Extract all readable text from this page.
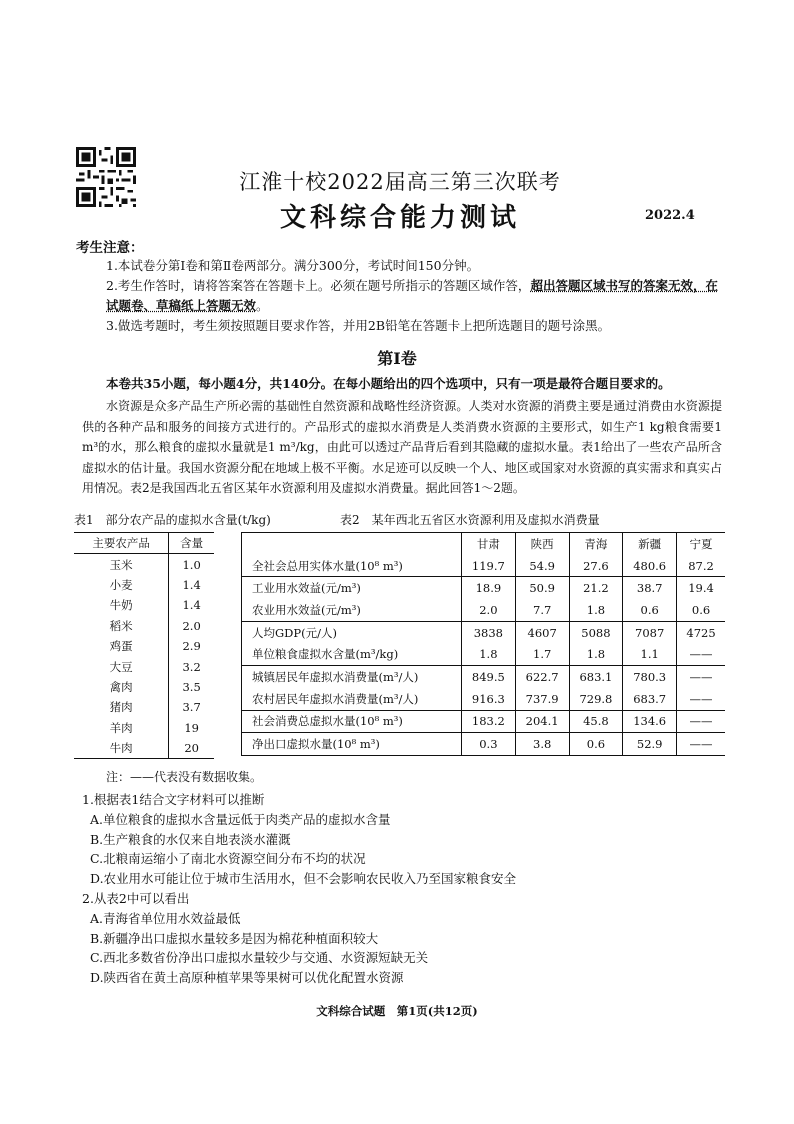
江淮十校2022届高三第三次联考
文科综合能力测试	2022.4
考生注意：
1.本试卷分第Ⅰ卷和第Ⅱ卷两部分。满分300分，考试时间150分钟。
2.考生作答时，请将答案答在答题卡上。必须在题号所指示的答题区域作答，超出答题区域书写的答案无效，在试题卷、草稿纸上答题无效。
3.做选考题时，考生须按照题目要求作答，并用2B铅笔在答题卡上把所选题目的题号涂黑。
第Ⅰ卷
本卷共35小题，每小题4分，共140分。在每小题给出的四个选项中，只有一项是最符合题目要求的。
水资源是众多产品生产所必需的基础性自然资源和战略性经济资源。人类对水资源的消费主要是通过消费由水资源提供的各种产品和服务的间接方式进行的。产品形式的虚拟水消费是人类消费水资源的主要形式，如生产1 kg粮食需要1 m³的水，那么粮食的虚拟水量就是1 m³/kg，由此可以透过产品背后看到其隐藏的虚拟水量。表1给出了一些农产品所含虚拟水的估计量。我国水资源分配在地域上极不平衡。水足迹可以反映一个人、地区或国家对水资源的真实需求和真实占用情况。表2是我国西北五省区某年水资源利用及虚拟水消费量。据此回答1～2题。
表1　部分农产品的虚拟水含量(t/kg)	表2　某年西北五省区水资源利用及虚拟水消费量
主要农产品	含量
玉米	1.0
小麦	1.4
牛奶	1.4
稻米	2.0
鸡蛋	2.9
大豆	3.2
禽肉	3.5
猪肉	3.7
羊肉	19
牛肉	20
	甘肃	陕西	青海	新疆	宁夏
全社会总用实体水量(10⁸ m³)	119.7	54.9	27.6	480.6	87.2
工业用水效益(元/m³)	18.9	50.9	21.2	38.7	19.4
农业用水效益(元/m³)	2.0	7.7	1.8	0.6	0.6
人均GDP(元/人)	3838	4607	5088	7087	4725
单位粮食虚拟水含量(m³/kg)	1.8	1.7	1.8	1.1	——
城镇居民年虚拟水消费量(m³/人)	849.5	622.7	683.1	780.3	——
农村居民年虚拟水消费量(m³/人)	916.3	737.9	729.8	683.7	——
社会消费总虚拟水量(10⁸ m³)	183.2	204.1	45.8	134.6	——
净出口虚拟水量(10⁸ m³)	0.3	3.8	0.6	52.9	——
注：——代表没有数据收集。
1.根据表1结合文字材料可以推断
A.单位粮食的虚拟水含量远低于肉类产品的虚拟水含量
B.生产粮食的水仅来自地表淡水灌溉
C.北粮南运缩小了南北水资源空间分布不均的状况
D.农业用水可能让位于城市生活用水，但不会影响农民收入乃至国家粮食安全
2.从表2中可以看出
A.青海省单位用水效益最低
B.新疆净出口虚拟水量较多是因为棉花种植面积较大
C.西北多数省份净出口虚拟水量较少与交通、水资源短缺无关
D.陕西省在黄土高原种植苹果等果树可以优化配置水资源
文科综合试题　第1页(共12页)
